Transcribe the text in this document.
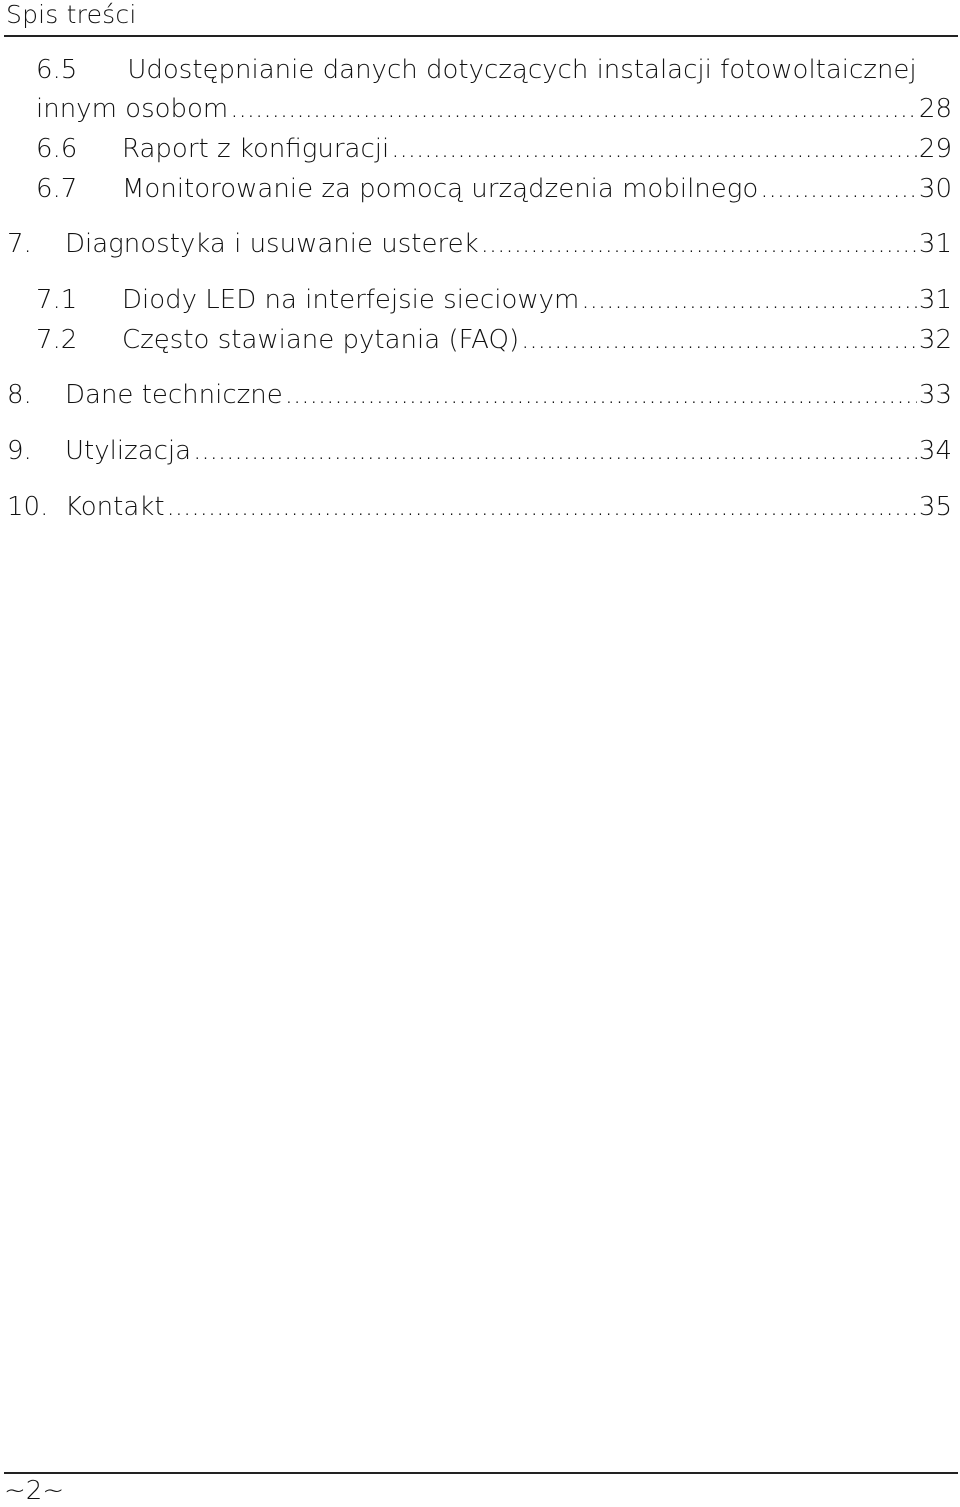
Spis treści
6.5 Udostępnianie danych dotyczących instalacji fotowoltaicznej
innym osobom .....	28
6.6	Raport z konfiguracji .....	29
6.7	Monitorowanie za pomocą urządzenia mobilnego .....	30
7.	Diagnostyka i usuwanie usterek .....	31
7.1	Diody LED na interfejsie sieciowym .....	31
7.2	Często stawiane pytania (FAQ) .....	32
8.	Dane techniczne .....	33
9.	Utylizacja .....	34
10. Kontakt .....	35
~2~
